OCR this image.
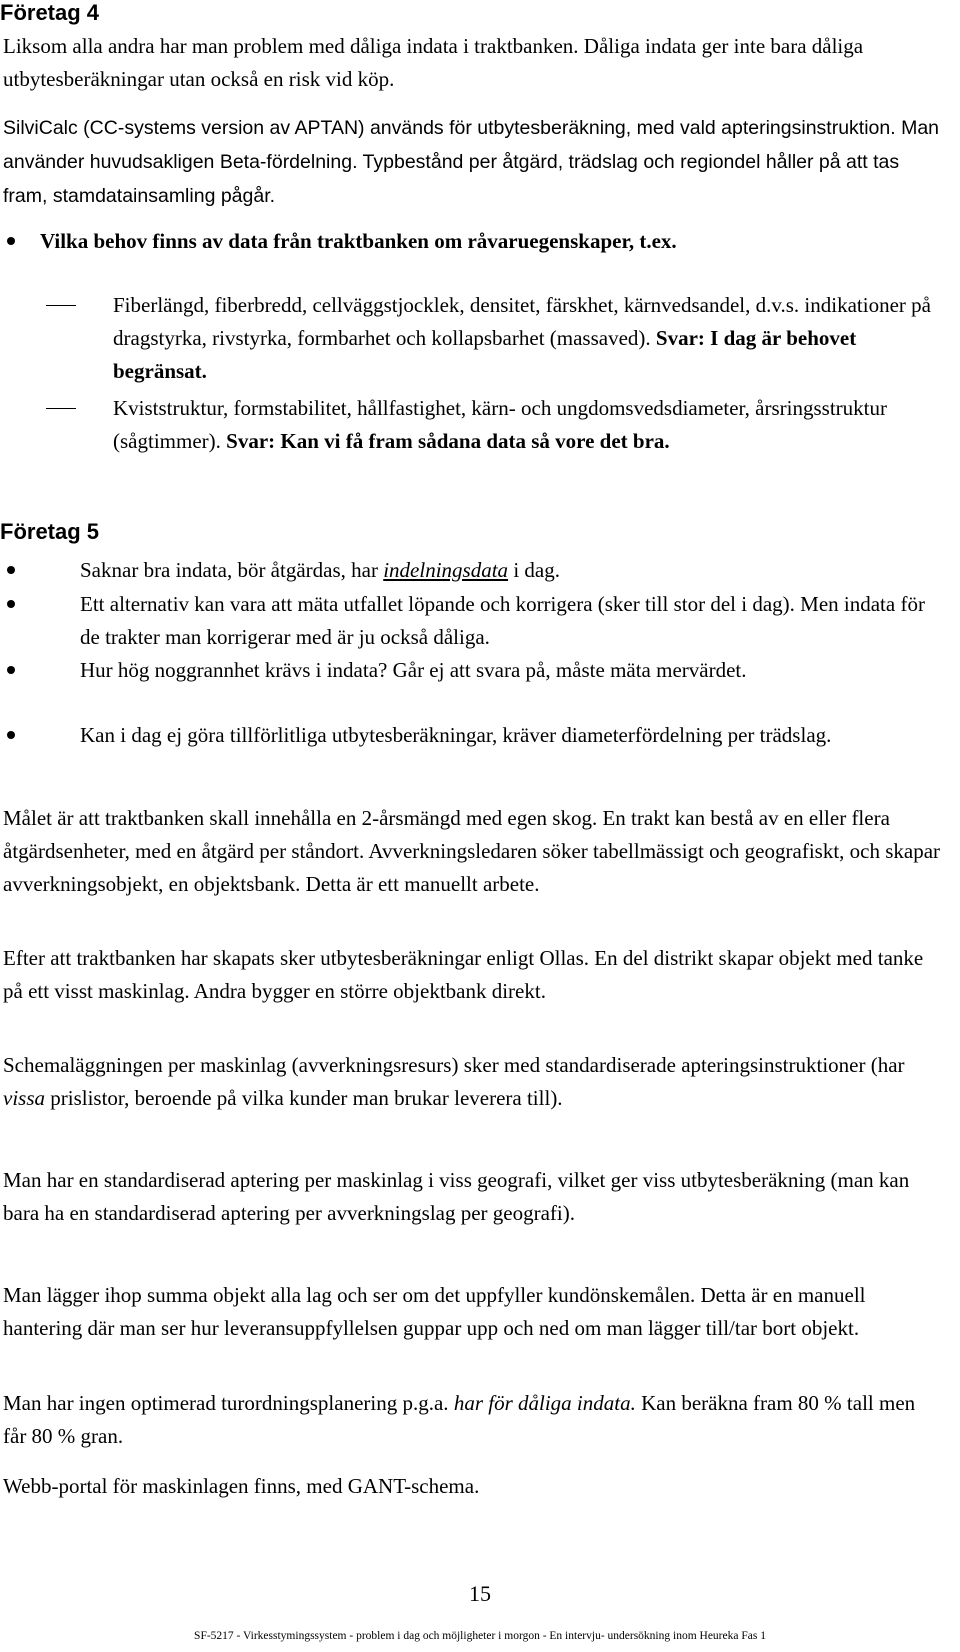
Företag 4
Liksom alla andra har man problem med dåliga indata i traktbanken. Dåliga indata ger inte bara dåliga utbytesberäkningar utan också en risk vid köp.
SilviCalc (CC-systems version av APTAN) används för utbytesberäkning, med vald apteringsinstruktion. Man använder huvudsakligen Beta-fördelning. Typbestånd per åtgärd, trädslag och regiondel håller på att tas fram, stamdatainsamling pågår.
Vilka behov finns av data från traktbanken om råvaruegenskaper, t.ex.
Fiberlängd, fiberbredd, cellväggstjocklek, densitet, färskhet, kärnvedsandel, d.v.s. indikationer på dragstyrka, rivstyrka, formbarhet och kollapsbarhet (massaved). Svar: I dag är behovet begränsat.
Kviststruktur, formstabilitet, hållfastighet, kärn- och ungdomsvedsdiameter, årsringsstruktur (sågtimmer). Svar: Kan vi få fram sådana data så vore det bra.
Företag 5
Saknar bra indata, bör åtgärdas, har indelningsdata i dag.
Ett alternativ kan vara att mäta utfallet löpande och korrigera (sker till stor del i dag). Men indata för de trakter man korrigerar med är ju också dåliga.
Hur hög noggrannhet krävs i indata? Går ej att svara på, måste mäta mervärdet.
Kan i dag ej göra tillförlitliga utbytesberäkningar, kräver diameterfördelning per trädslag.
Målet är att traktbanken skall innehålla en 2-årsmängd med egen skog. En trakt kan bestå av en eller flera åtgärdsenheter, med en åtgärd per ståndort. Avverkningsledaren söker tabellmässigt och geografiskt, och skapar avverkningsobjekt, en objektsbank. Detta är ett manuellt arbete.
Efter att traktbanken har skapats sker utbytesberäkningar enligt Ollas. En del distrikt skapar objekt med tanke på ett visst maskinlag. Andra bygger en större objektbank direkt.
Schemaläggningen per maskinlag (avverkningsresurs) sker med standardiserade apteringsinstruktioner (har vissa prislistor, beroende på vilka kunder man brukar leverera till).
Man har en standardiserad aptering per maskinlag i viss geografi, vilket ger viss utbytesberäkning (man kan bara ha en standardiserad aptering per avverkningslag per geografi).
Man lägger ihop summa objekt alla lag och ser om det uppfyller kundönskemålen. Detta är en manuell hantering där man ser hur leveransuppfyllelsen guppar upp och ned om man lägger till/tar bort objekt.
Man har ingen optimerad turordningsplanering p.g.a. har för dåliga indata. Kan beräkna fram 80 % tall men får 80 % gran.
Webb-portal för maskinlagen finns, med GANT-schema.
15
SF-5217 - Virkesstymingssystem - problem i dag och möjligheter i morgon - En intervju- undersökning inom Heureka Fas 1
